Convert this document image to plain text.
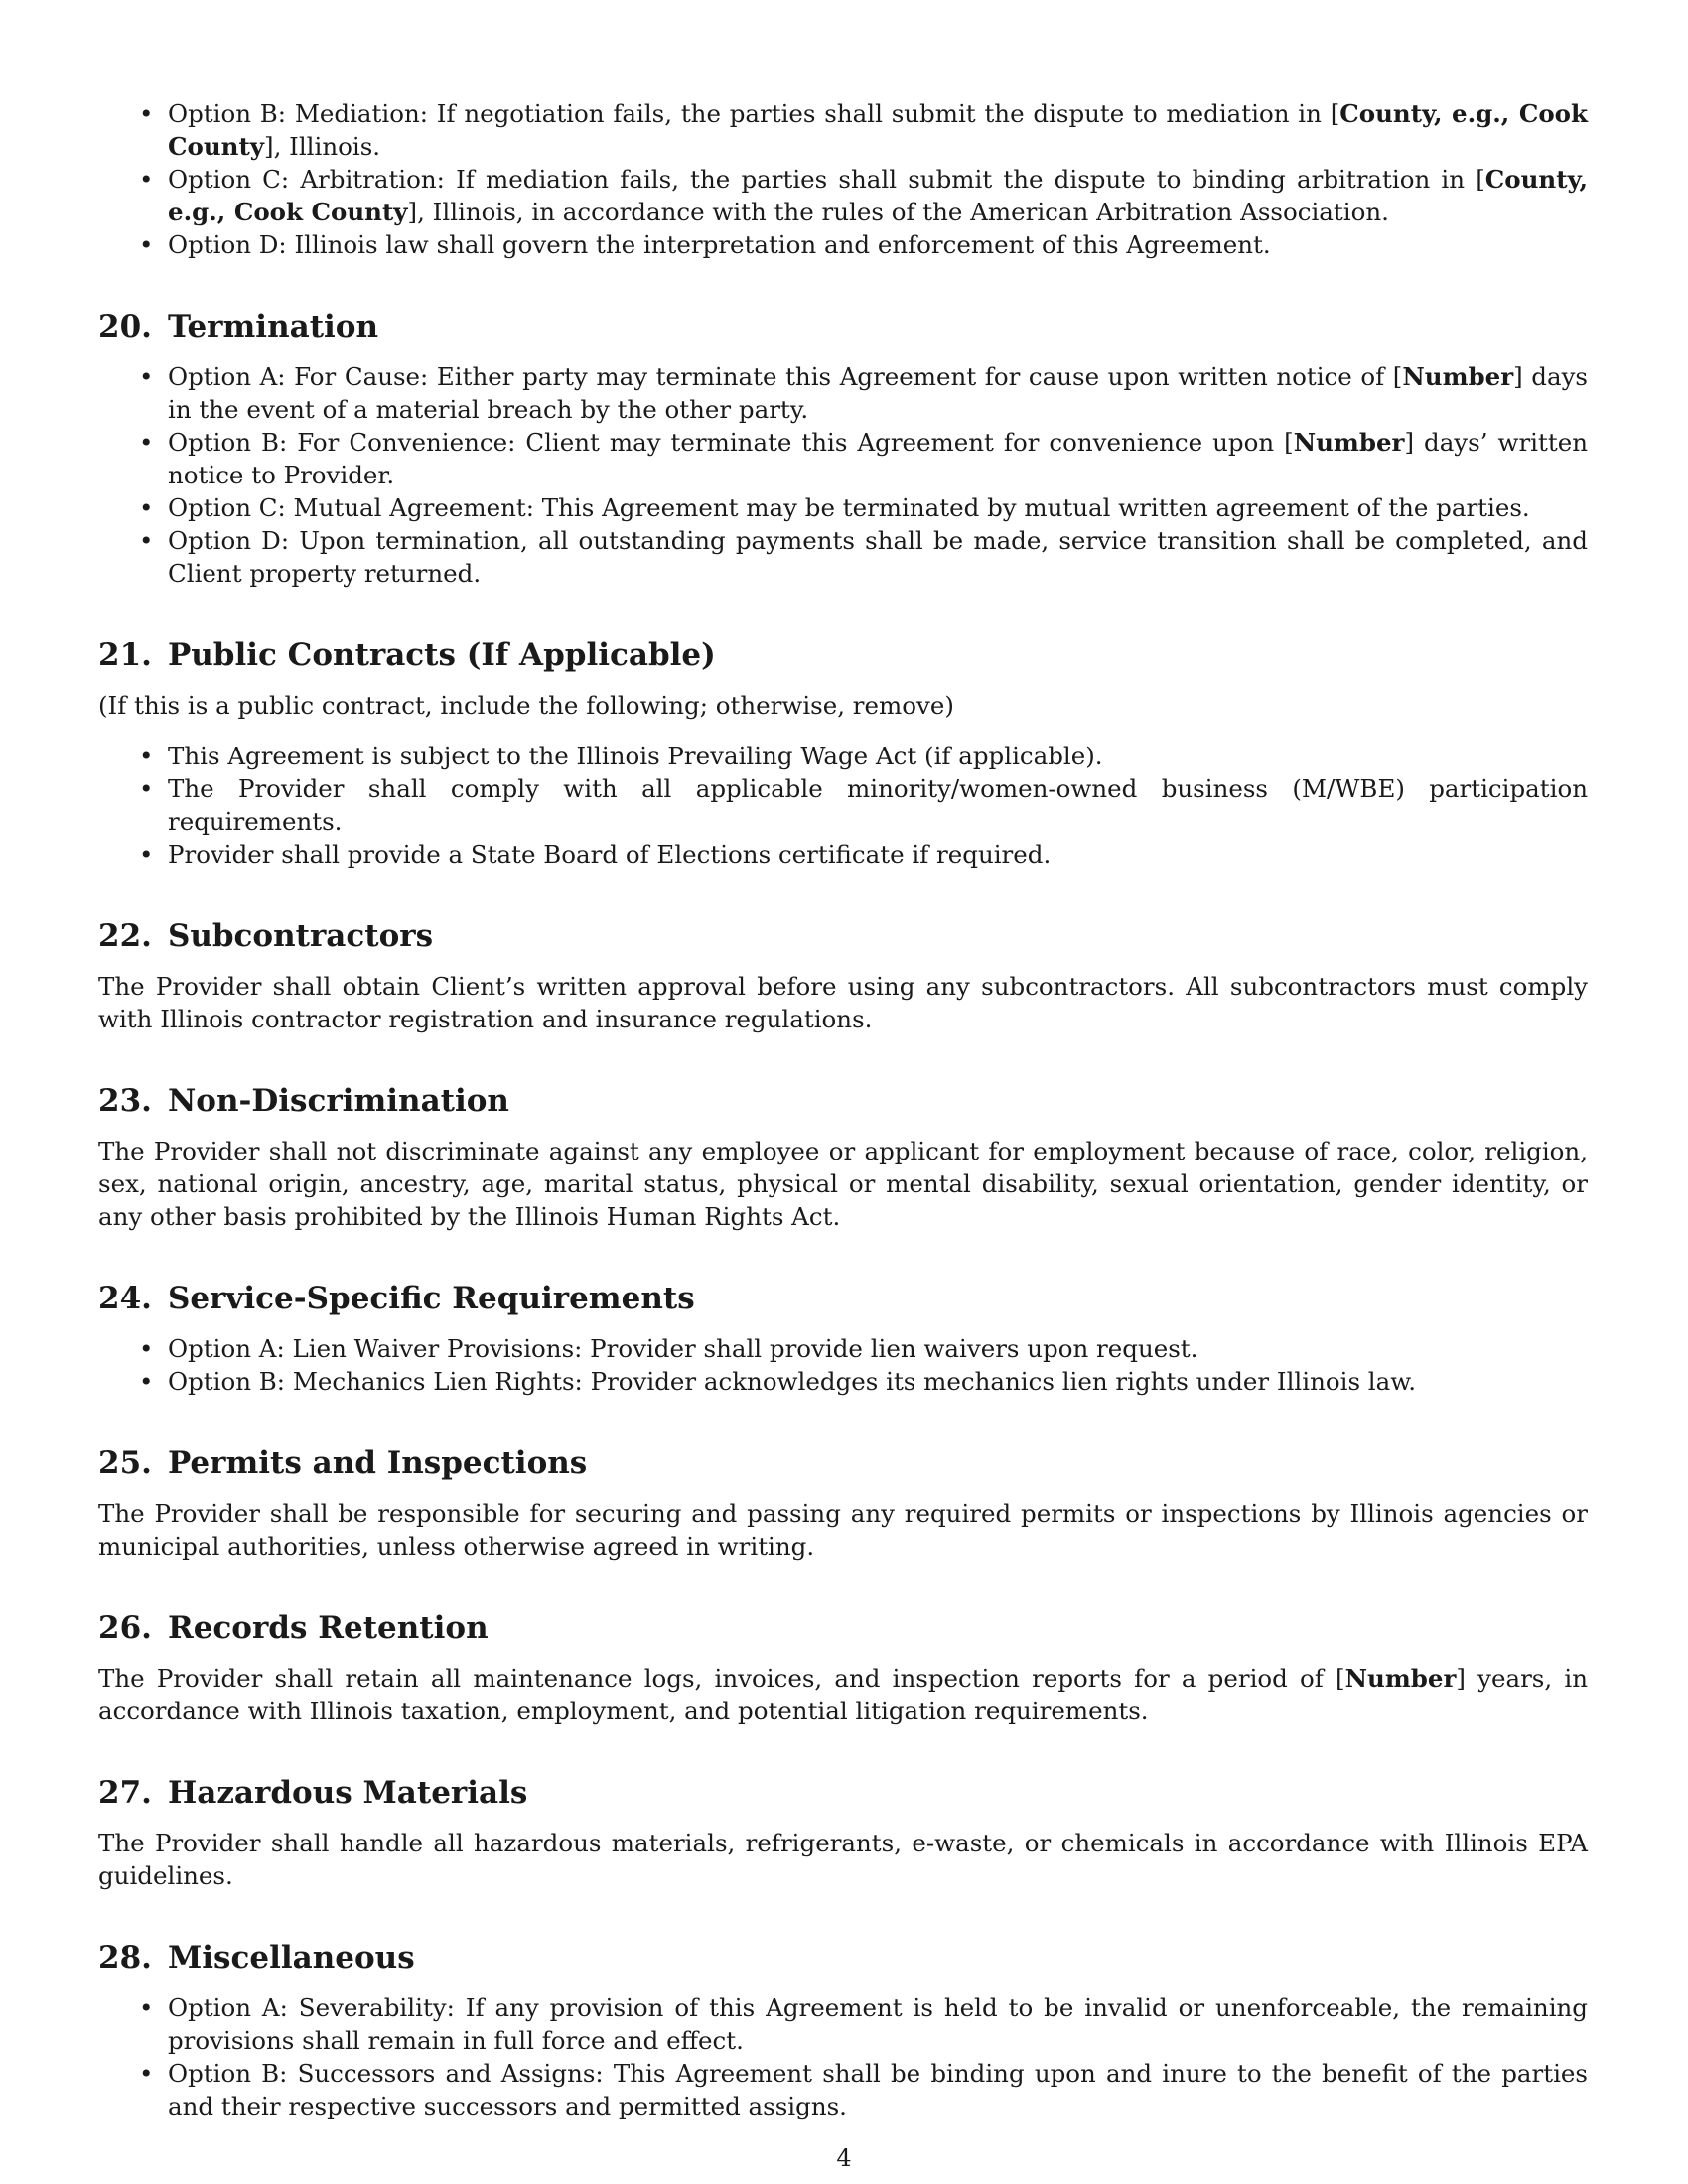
• Option B: Mediation: If negotiation fails, the parties shall submit the dispute to mediation in [County, e.g., Cook County], Illinois.
• Option C: Arbitration: If mediation fails, the parties shall submit the dispute to binding arbitration in [County, e.g., Cook County], Illinois, in accordance with the rules of the American Arbitration Association.
• Option D: Illinois law shall govern the interpretation and enforcement of this Agreement.
20. Termination
• Option A: For Cause: Either party may terminate this Agreement for cause upon written notice of [Number] days in the event of a material breach by the other party.
• Option B: For Convenience: Client may terminate this Agreement for convenience upon [Number] days’ written notice to Provider.
• Option C: Mutual Agreement: This Agreement may be terminated by mutual written agreement of the parties.
• Option D: Upon termination, all outstanding payments shall be made, service transition shall be completed, and Client property returned.
21. Public Contracts (If Applicable)

(If this is a public contract, include the following; otherwise, remove)

• This Agreement is subject to the Illinois Prevailing Wage Act (if applicable).
• The Provider shall comply with all applicable minority/women-owned business (M/WBE) participation requirements.
• Provider shall provide a State Board of Elections certificate if required.
22. Subcontractors

The Provider shall obtain Client’s written approval before using any subcontractors. All subcontractors must comply with Illinois contractor registration and insurance regulations.

23. Non-Discrimination

The Provider shall not discriminate against any employee or applicant for employment because of race, color, religion, sex, national origin, ancestry, age, marital status, physical or mental disability, sexual orientation, gender identity, or any other basis prohibited by the Illinois Human Rights Act.

24. Service-Specific Requirements
• Option A: Lien Waiver Provisions: Provider shall provide lien waivers upon request.
• Option B: Mechanics Lien Rights: Provider acknowledges its mechanics lien rights under Illinois law.
25. Permits and Inspections

The Provider shall be responsible for securing and passing any required permits or inspections by Illinois agencies or municipal authorities, unless otherwise agreed in writing.

26. Records Retention

The Provider shall retain all maintenance logs, invoices, and inspection reports for a period of [Number] years, in accordance with Illinois taxation, employment, and potential litigation requirements.

27. Hazardous Materials

The Provider shall handle all hazardous materials, refrigerants, e-waste, or chemicals in accordance with Illinois EPA guidelines.

28. Miscellaneous
• Option A: Severability: If any provision of this Agreement is held to be invalid or unenforceable, the remaining provisions shall remain in full force and effect.
• Option B: Successors and Assigns: This Agreement shall be binding upon and inure to the benefit of the parties and their respective successors and permitted assigns.
4
